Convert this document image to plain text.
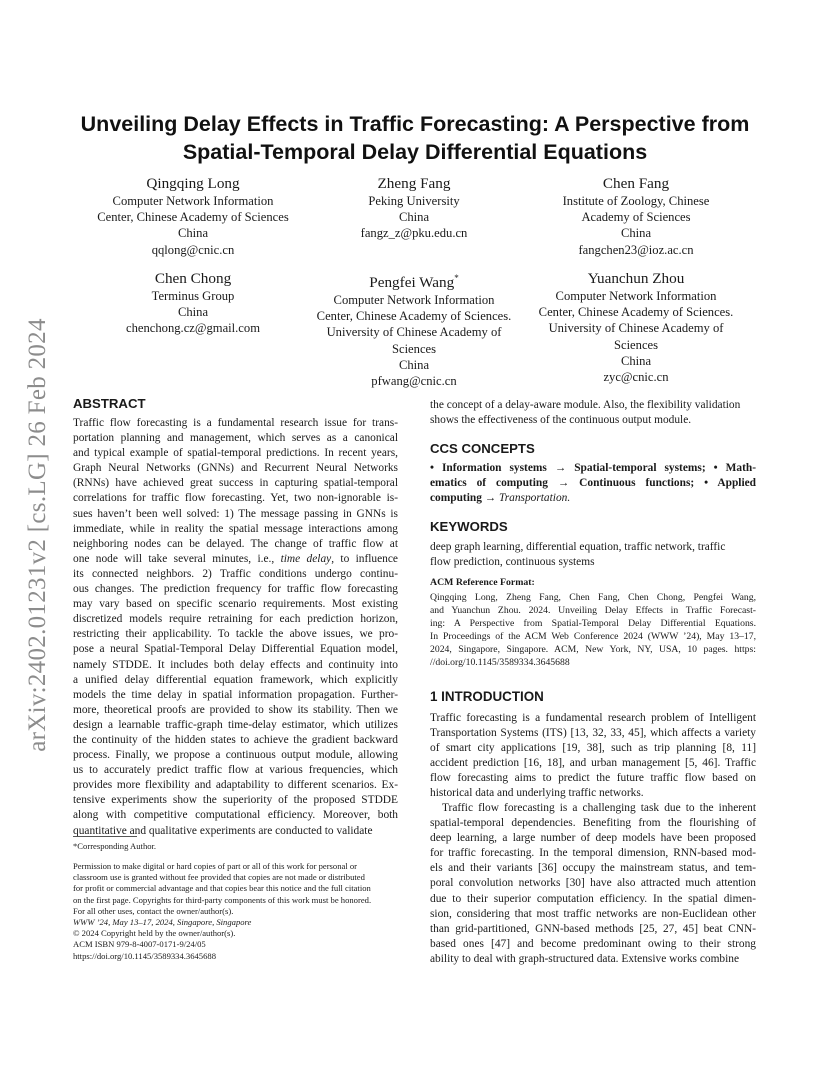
arXiv:2402.01231v2 [cs.LG] 26 Feb 2024
Unveiling Delay Effects in Traffic Forecasting: A Perspective from
Spatial-Temporal Delay Differential Equations
Qingqing Long
Computer Network Information
Center, Chinese Academy of Sciences
China
qqlong@cnic.cn
Zheng Fang
Peking University
China
fangz_z@pku.edu.cn
Chen Fang
Institute of Zoology, Chinese
Academy of Sciences
China
fangchen23@ioz.ac.cn
Chen Chong
Terminus Group
China
chenchong.cz@gmail.com
Pengfei Wang*
Computer Network Information
Center, Chinese Academy of Sciences.
University of Chinese Academy of
Sciences
China
pfwang@cnic.cn
Yuanchun Zhou
Computer Network Information
Center, Chinese Academy of Sciences.
University of Chinese Academy of
Sciences
China
zyc@cnic.cn
ABSTRACT
Traffic flow forecasting is a fundamental research issue for trans-
portation planning and management, which serves as a canonical
and typical example of spatial-temporal predictions. In recent years,
Graph Neural Networks (GNNs) and Recurrent Neural Networks
(RNNs) have achieved great success in capturing spatial-temporal
correlations for traffic flow forecasting. Yet, two non-ignorable is-
sues haven’t been well solved: 1) The message passing in GNNs is
immediate, while in reality the spatial message interactions among
neighboring nodes can be delayed. The change of traffic flow at
one node will take several minutes, i.e., time delay, to influence
its connected neighbors. 2) Traffic conditions undergo continu-
ous changes. The prediction frequency for traffic flow forecasting
may vary based on specific scenario requirements. Most existing
discretized models require retraining for each prediction horizon,
restricting their applicability. To tackle the above issues, we pro-
pose a neural Spatial-Temporal Delay Differential Equation model,
namely STDDE. It includes both delay effects and continuity into
a unified delay differential equation framework, which explicitly
models the time delay in spatial information propagation. Further-
more, theoretical proofs are provided to show its stability. Then we
design a learnable traffic-graph time-delay estimator, which utilizes
the continuity of the hidden states to achieve the gradient backward
process. Finally, we propose a continuous output module, allowing
us to accurately predict traffic flow at various frequencies, which
provides more flexibility and adaptability to different scenarios. Ex-
tensive experiments show the superiority of the proposed STDDE
along with competitive computational efficiency. Moreover, both
quantitative and qualitative experiments are conducted to validate
*Corresponding Author.
Permission to make digital or hard copies of part or all of this work for personal or
classroom use is granted without fee provided that copies are not made or distributed
for profit or commercial advantage and that copies bear this notice and the full citation
on the first page. Copyrights for third-party components of this work must be honored.
For all other uses, contact the owner/author(s).
WWW ’24, May 13–17, 2024, Singapore, Singapore
© 2024 Copyright held by the owner/author(s).
ACM ISBN 979-8-4007-0171-9/24/05
https://doi.org/10.1145/3589334.3645688
the concept of a delay-aware module. Also, the flexibility validation
shows the effectiveness of the continuous output module.
CCS CONCEPTS
• Information systems → Spatial-temporal systems; • Math-
ematics of computing → Continuous functions; • Applied
computing → Transportation.
KEYWORDS
deep graph learning, differential equation, traffic network, traffic
flow prediction, continuous systems
ACM Reference Format:
Qingqing Long, Zheng Fang, Chen Fang, Chen Chong, Pengfei Wang,
and Yuanchun Zhou. 2024. Unveiling Delay Effects in Traffic Forecast-
ing: A Perspective from Spatial-Temporal Delay Differential Equations.
In Proceedings of the ACM Web Conference 2024 (WWW ’24), May 13–17,
2024, Singapore, Singapore. ACM, New York, NY, USA, 10 pages. https:
//doi.org/10.1145/3589334.3645688
1 INTRODUCTION
Traffic forecasting is a fundamental research problem of Intelligent
Transportation Systems (ITS) [13, 32, 33, 45], which affects a variety
of smart city applications [19, 38], such as trip planning [8, 11]
accident prediction [16, 18], and urban management [5, 46]. Traffic
flow forecasting aims to predict the future traffic flow based on
historical data and underlying traffic networks.
Traffic flow forecasting is a challenging task due to the inherent
spatial-temporal dependencies. Benefiting from the flourishing of
deep learning, a large number of deep models have been proposed
for traffic forecasting. In the temporal dimension, RNN-based mod-
els and their variants [36] occupy the mainstream status, and tem-
poral convolution networks [30] have also attracted much attention
due to their superior computation efficiency. In the spatial dimen-
sion, considering that most traffic networks are non-Euclidean other
than grid-partitioned, GNN-based methods [25, 27, 45] beat CNN-
based ones [47] and become predominant owing to their strong
ability to deal with graph-structured data. Extensive works combine
